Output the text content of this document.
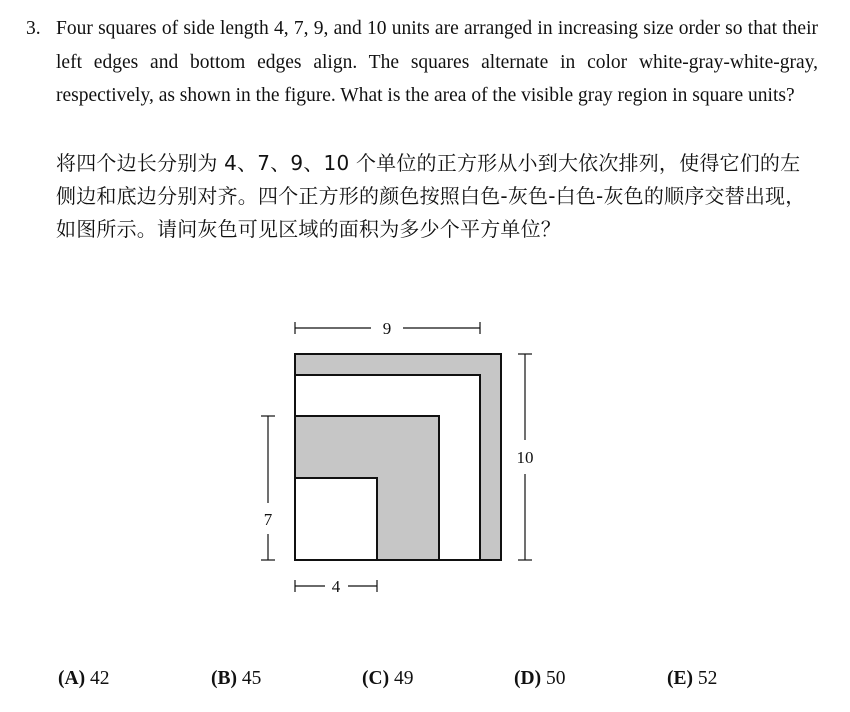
3. Four squares of side length 4, 7, 9, and 10 units are arranged in increasing size order so that their left edges and bottom edges align. The squares alternate in color white-gray-white-gray, respectively, as shown in the figure. What is the area of the visible gray region in square units?
将四个边长分别为 4、7、9、10 个单位的正方形从小到大依次排列，使得它们的左侧边和底边分别对齐。四个正方形的颜色按照白色-灰色-白色-灰色的顺序交替出现，如图所示。请问灰色可见区域的面积为多少个平方单位？
9
10
7
4
(A) 42	(B) 45	(C) 49	(D) 50	(E) 52
